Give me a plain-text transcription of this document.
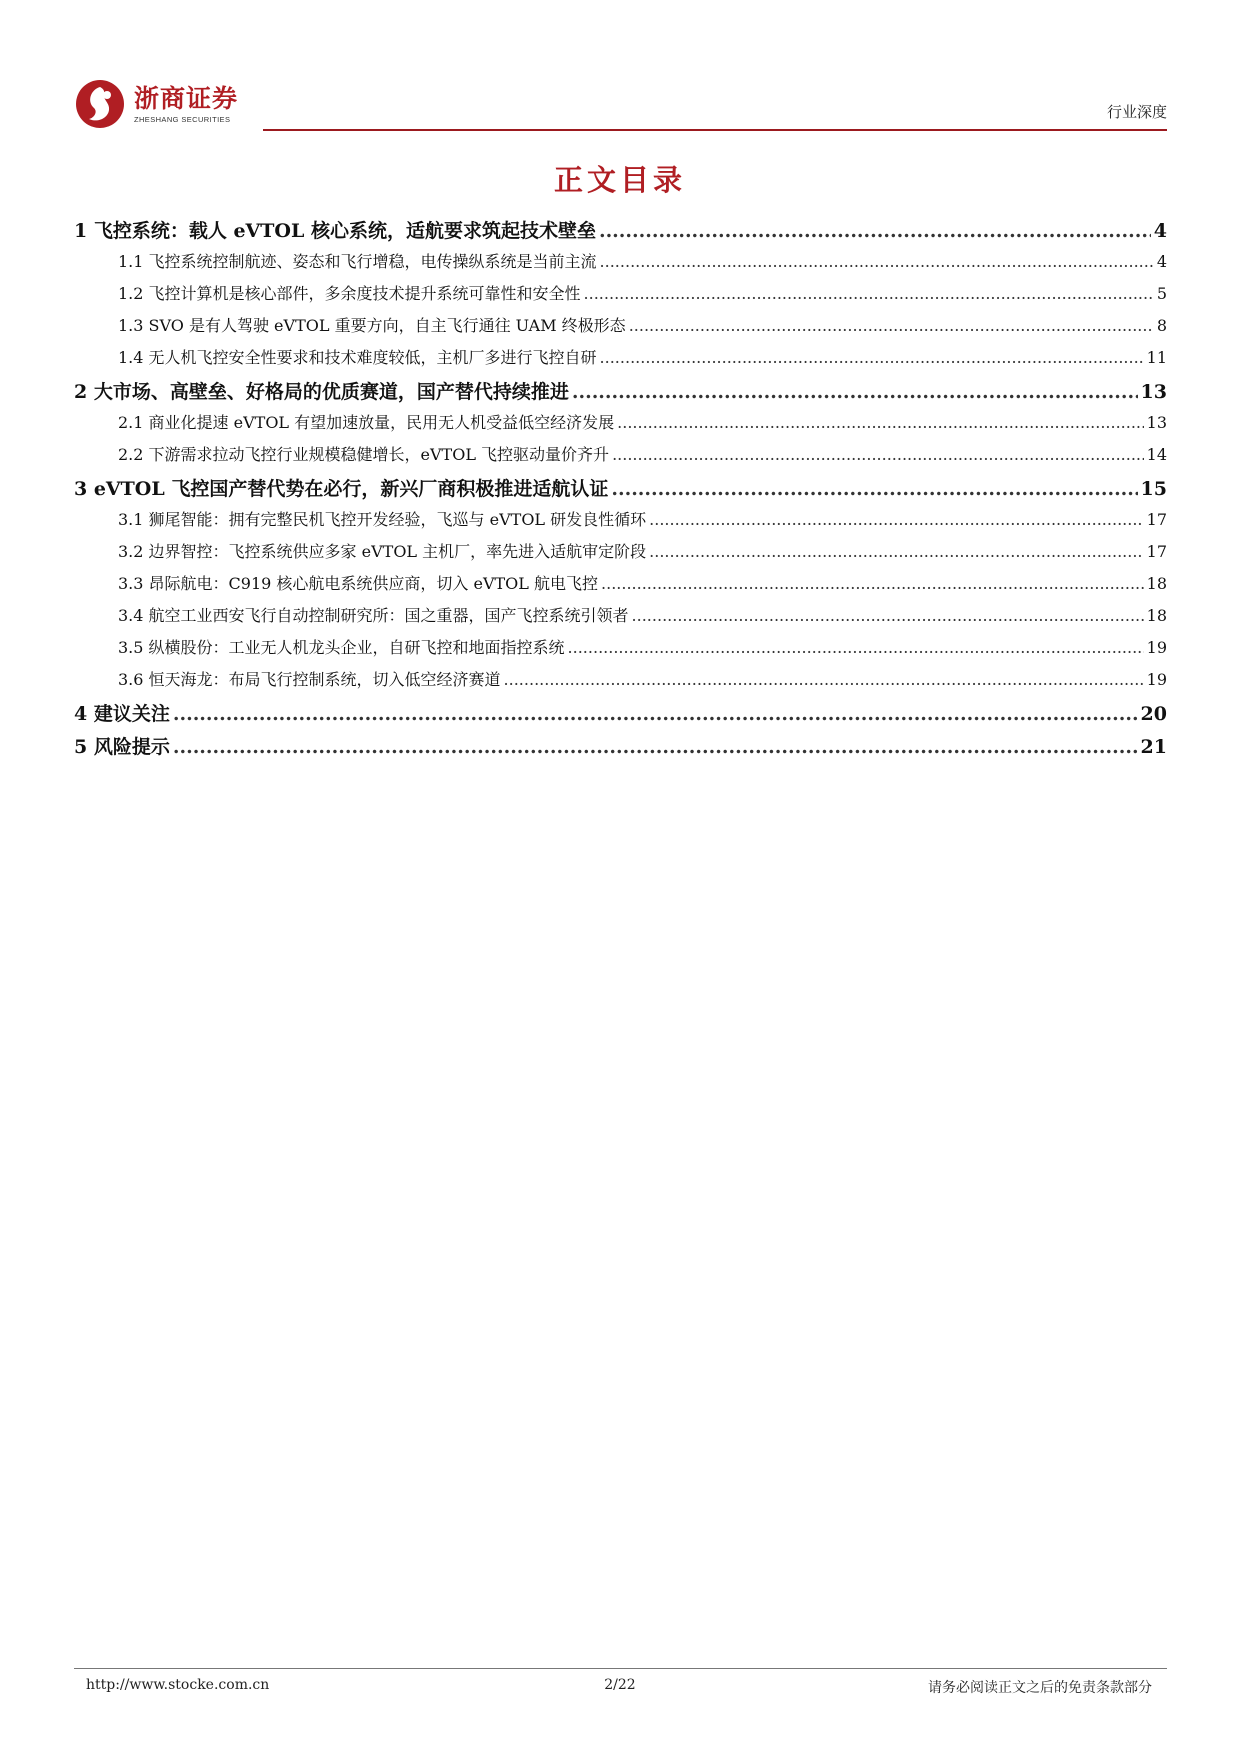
浙商证券
ZHESHANG SECURITIES	行业深度
正文目录
1 飞控系统：载人 eVTOL 核心系统，适航要求筑起技术壁垒 .....	4
1.1 飞控系统控制航迹、姿态和飞行增稳，电传操纵系统是当前主流 .....	4
1.2 飞控计算机是核心部件，多余度技术提升系统可靠性和安全性 .....	5
1.3 SVO 是有人驾驶 eVTOL 重要方向，自主飞行通往 UAM 终极形态 .....	8
1.4 无人机飞控安全性要求和技术难度较低，主机厂多进行飞控自研 .....	11
2 大市场、高壁垒、好格局的优质赛道，国产替代持续推进 .....	13
2.1 商业化提速 eVTOL 有望加速放量，民用无人机受益低空经济发展 .....	13
2.2 下游需求拉动飞控行业规模稳健增长，eVTOL 飞控驱动量价齐升 .....	14
3 eVTOL 飞控国产替代势在必行，新兴厂商积极推进适航认证 .....	15
3.1 狮尾智能：拥有完整民机飞控开发经验，飞巡与 eVTOL 研发良性循环 .....	17
3.2 边界智控：飞控系统供应多家 eVTOL 主机厂，率先进入适航审定阶段 .....	17
3.3 昂际航电：C919 核心航电系统供应商，切入 eVTOL 航电飞控 .....	18
3.4 航空工业西安飞行自动控制研究所：国之重器，国产飞控系统引领者 .....	18
3.5 纵横股份：工业无人机龙头企业，自研飞控和地面指控系统 .....	19
3.6 恒天海龙：布局飞行控制系统，切入低空经济赛道 .....	19
4 建议关注 .....	20
5 风险提示 .....	21
http://www.stocke.com.cn	2/22	请务必阅读正文之后的免责条款部分
